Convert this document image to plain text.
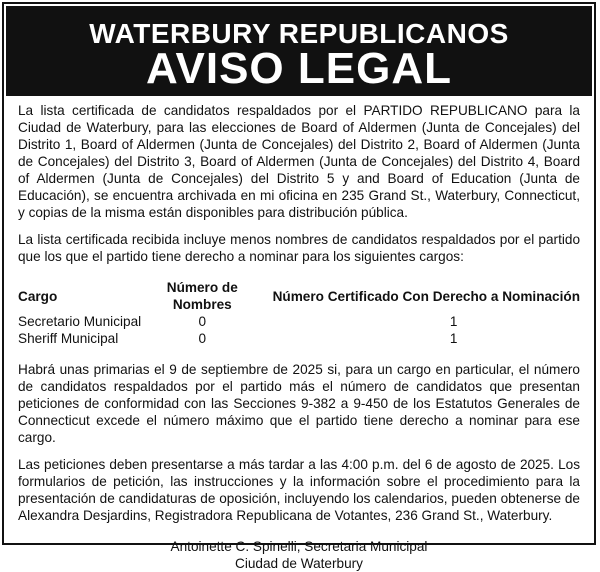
WATERBURY REPUBLICANOS
AVISO LEGAL

La lista certificada de candidatos respaldados por el PARTIDO REPUBLICANO para la Ciudad de Waterbury, para las elecciones de Board of Aldermen (Junta de Concejales) del Distrito 1, Board of Aldermen (Junta de Concejales) del Distrito 2, Board of Aldermen (Junta de Concejales) del Distrito 3, Board of Aldermen (Junta de Concejales) del Distrito 4, Board of Aldermen (Junta de Concejales) del Distrito 5 y and Board of Education (Junta de Educación), se encuentra archivada en mi oficina en 235 Grand St., Waterbury, Connecticut, y copias de la misma están disponibles para distribución pública.

La lista certificada recibida incluye menos nombres de candidatos respaldados por el partido que los que el partido tiene derecho a nominar para los siguientes cargos:

Cargo	Número de Nombres	Número Certificado Con Derecho a Nominación
Secretario Municipal	0	1
Sheriff Municipal	0	1

Habrá unas primarias el 9 de septiembre de 2025 si, para un cargo en particular, el número de candidatos respaldados por el partido más el número de candidatos que presentan peticiones de conformidad con las Secciones 9-382 a 9-450 de los Estatutos Generales de Connecticut excede el número máximo que el partido tiene derecho a nominar para ese cargo.

Las peticiones deben presentarse a más tardar a las 4:00 p.m. del 6 de agosto de 2025. Los formularios de petición, las instrucciones y la información sobre el procedimiento para la presentación de candidaturas de oposición, incluyendo los calendarios, pueden obtenerse de Alexandra Desjardins, Registradora Republicana de Votantes, 236 Grand St., Waterbury.

Antoinette C. Spinelli, Secretaria Municipal
Ciudad de Waterbury
